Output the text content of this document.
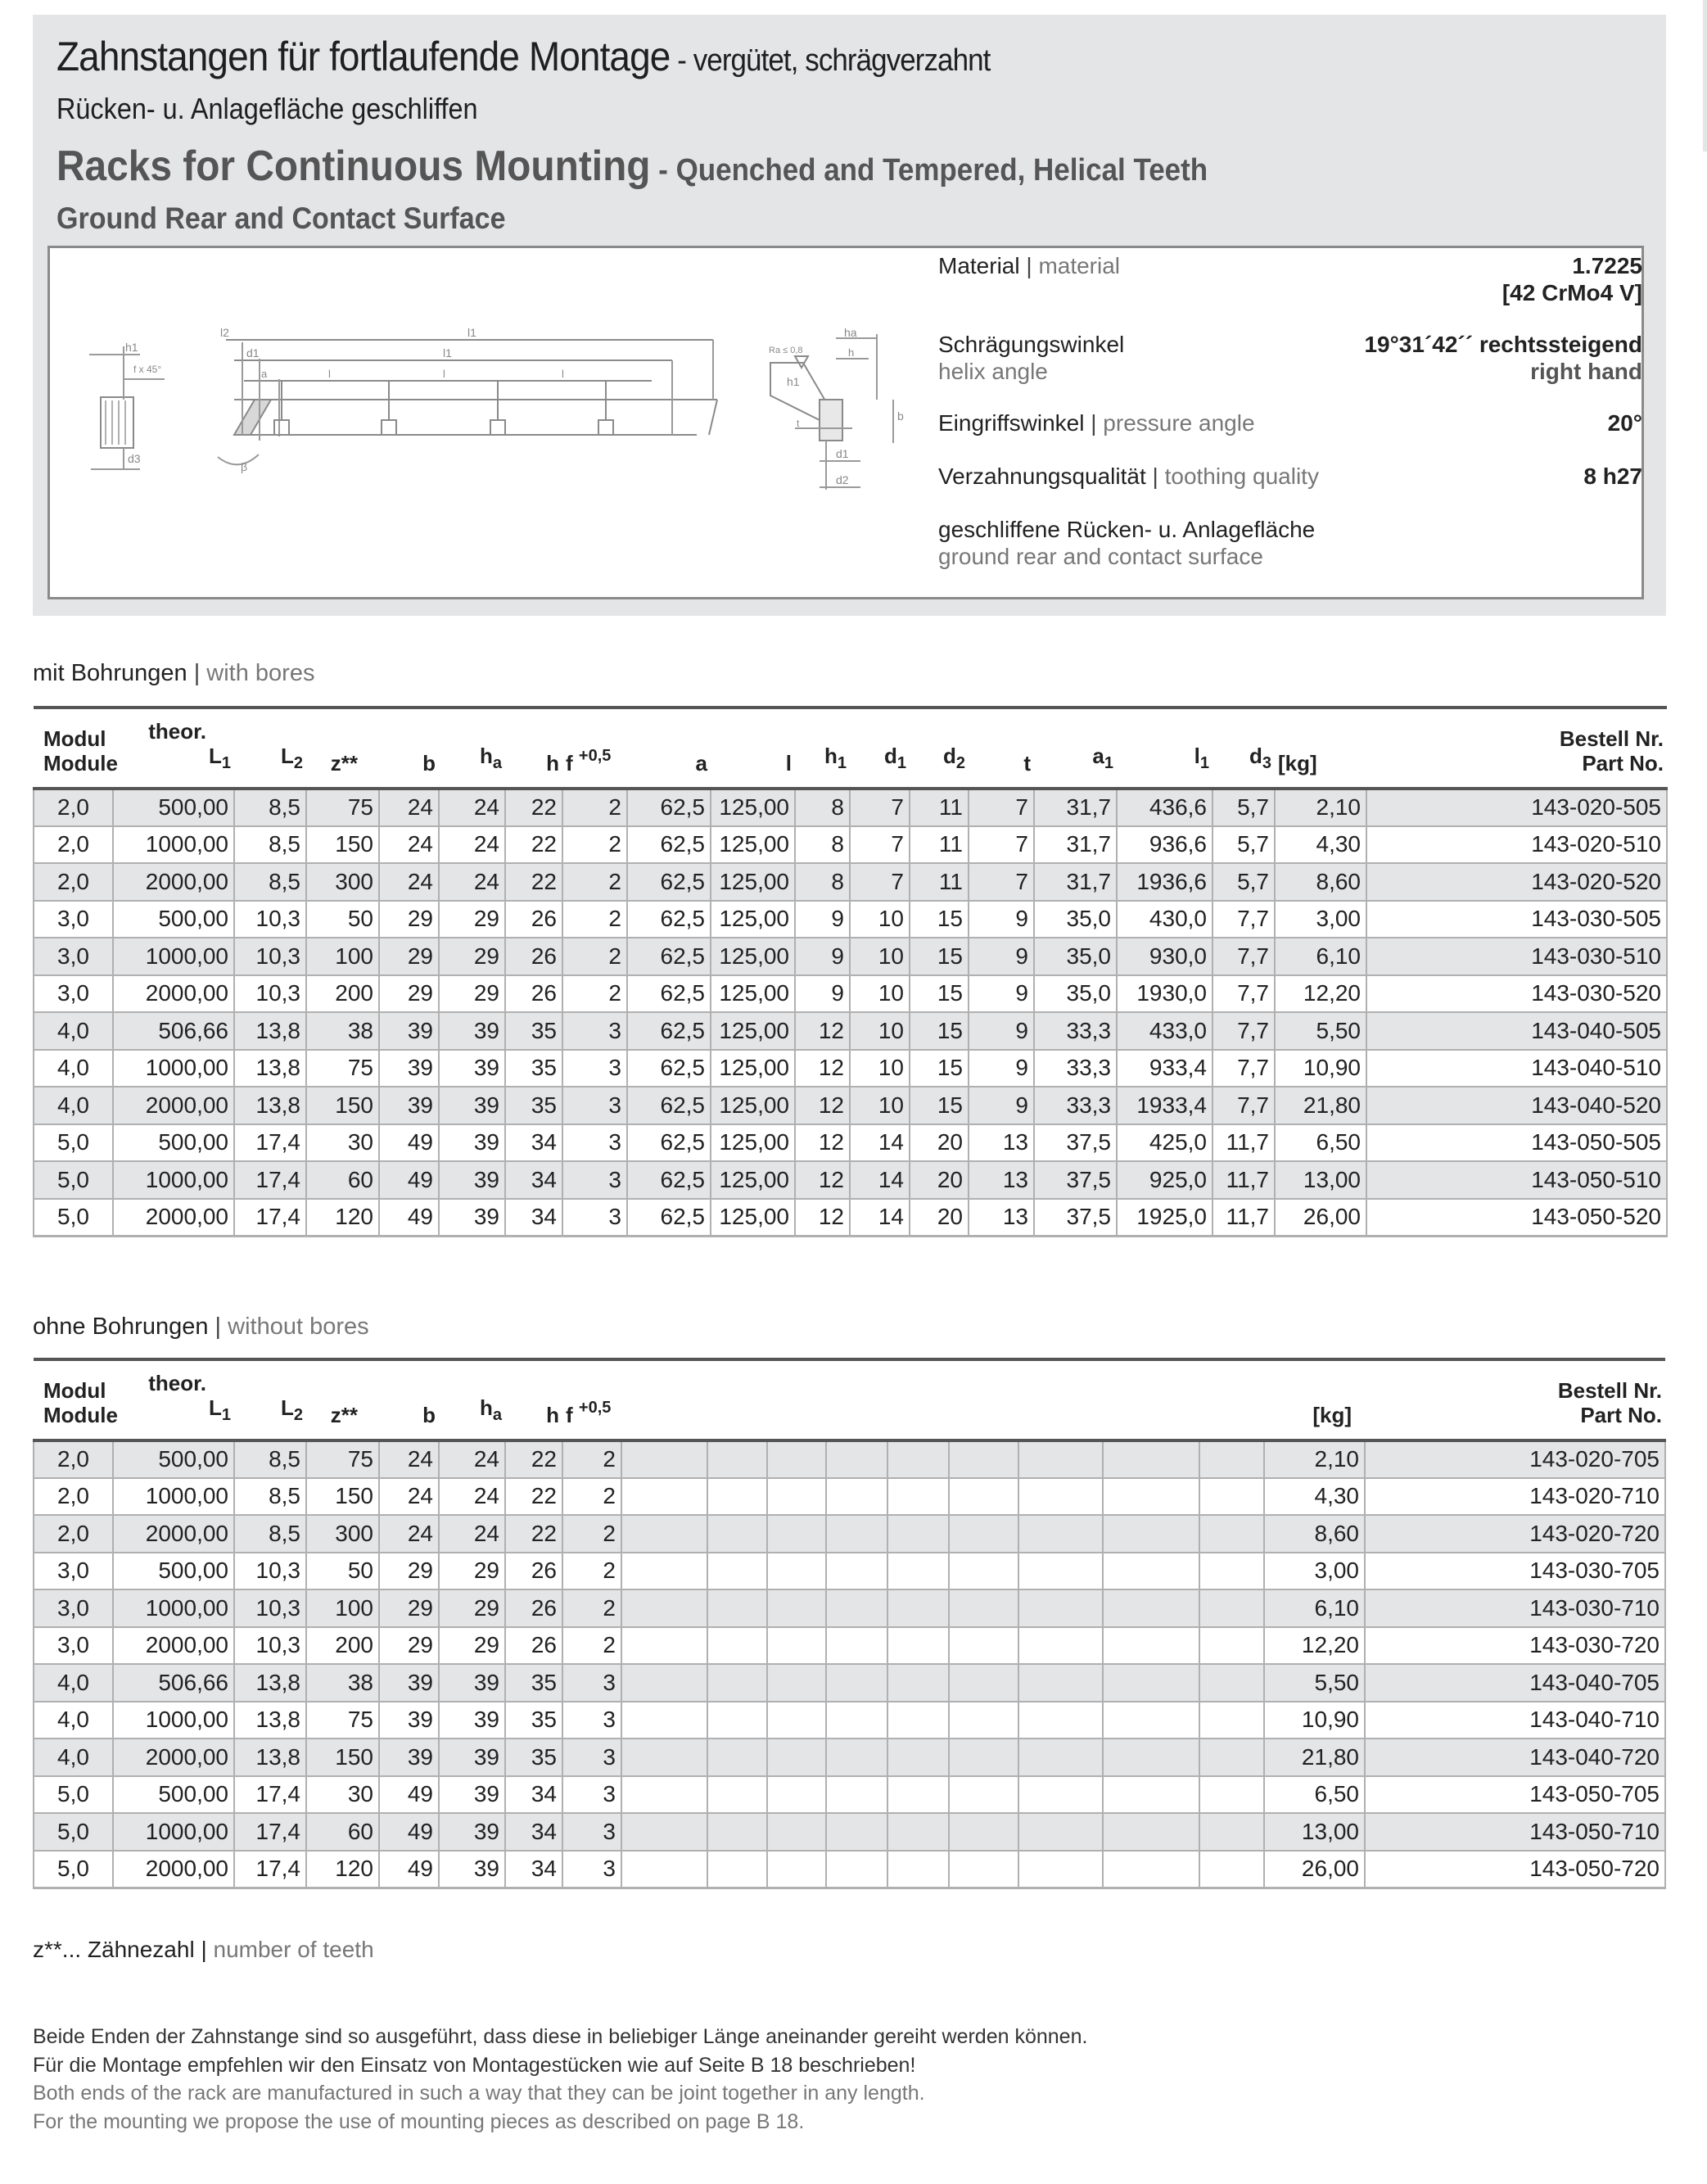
Zahnstangen für fortlaufende Montage - vergütet, schrägverzahnt
Rücken- u. Anlagefläche geschliffen
Racks for Continuous Mounting - Quenched and Tempered, Helical Teeth
Ground Rear and Contact Surface
h1
f x 45°
d3
l2	l1
d1	l1
a	l	l	l
β
Ra ≤ 0,8
ha
h
h1
b
t
d1
d2
Material | material	1.7225
[42 CrMo4 V]
Schrägungswinkel
helix angle
19°31´42´´ rechtssteigend
right hand
Eingriffswinkel | pressure angle	20°
Verzahnungsqualität | toothing quality	8 h27
geschliffene Rücken- u. Anlagefläche
ground rear and contact surface
mit Bohrungen | with bores
Modul
Module	theor.
$L_1$	$L_2$	z**	b	$h_a$	h	f $^{+0,5}$	a	l	$h_1$	$d_1$	$d_2$	t	$a_1$	$l_1$	$d_3$	[kg]	Bestell Nr.
Part No.
2,0	500,00	8,5	75	24	24	22	2	62,5	125,00	8	7	11	7	31,7	436,6	5,7	2,10	143-020-505
2,0	1000,00	8,5	150	24	24	22	2	62,5	125,00	8	7	11	7	31,7	936,6	5,7	4,30	143-020-510
2,0	2000,00	8,5	300	24	24	22	2	62,5	125,00	8	7	11	7	31,7	1936,6	5,7	8,60	143-020-520
3,0	500,00	10,3	50	29	29	26	2	62,5	125,00	9	10	15	9	35,0	430,0	7,7	3,00	143-030-505
3,0	1000,00	10,3	100	29	29	26	2	62,5	125,00	9	10	15	9	35,0	930,0	7,7	6,10	143-030-510
3,0	2000,00	10,3	200	29	29	26	2	62,5	125,00	9	10	15	9	35,0	1930,0	7,7	12,20	143-030-520
4,0	506,66	13,8	38	39	39	35	3	62,5	125,00	12	10	15	9	33,3	433,0	7,7	5,50	143-040-505
4,0	1000,00	13,8	75	39	39	35	3	62,5	125,00	12	10	15	9	33,3	933,4	7,7	10,90	143-040-510
4,0	2000,00	13,8	150	39	39	35	3	62,5	125,00	12	10	15	9	33,3	1933,4	7,7	21,80	143-040-520
5,0	500,00	17,4	30	49	39	34	3	62,5	125,00	12	14	20	13	37,5	425,0	11,7	6,50	143-050-505
5,0	1000,00	17,4	60	49	39	34	3	62,5	125,00	12	14	20	13	37,5	925,0	11,7	13,00	143-050-510
5,0	2000,00	17,4	120	49	39	34	3	62,5	125,00	12	14	20	13	37,5	1925,0	11,7	26,00	143-050-520
ohne Bohrungen | without bores
Modul
Module	theor.
$L_1$	$L_2$	z**	b	$h_a$	h	f $^{+0,5}$										[kg]	Bestell Nr.
Part No.
2,0	500,00	8,5	75	24	24	22	2										2,10	143-020-705
2,0	1000,00	8,5	150	24	24	22	2										4,30	143-020-710
2,0	2000,00	8,5	300	24	24	22	2										8,60	143-020-720
3,0	500,00	10,3	50	29	29	26	2										3,00	143-030-705
3,0	1000,00	10,3	100	29	29	26	2										6,10	143-030-710
3,0	2000,00	10,3	200	29	29	26	2										12,20	143-030-720
4,0	506,66	13,8	38	39	39	35	3										5,50	143-040-705
4,0	1000,00	13,8	75	39	39	35	3										10,90	143-040-710
4,0	2000,00	13,8	150	39	39	35	3										21,80	143-040-720
5,0	500,00	17,4	30	49	39	34	3										6,50	143-050-705
5,0	1000,00	17,4	60	49	39	34	3										13,00	143-050-710
5,0	2000,00	17,4	120	49	39	34	3										26,00	143-050-720
z**... Zähnezahl | number of teeth
Beide Enden der Zahnstange sind so ausgeführt, dass diese in beliebiger Länge aneinander gereiht werden können.
Für die Montage empfehlen wir den Einsatz von Montagestücken wie auf Seite B 18 beschrieben!
Both ends of the rack are manufactured in such a way that they can be joint together in any length.
For the mounting we propose the use of mounting pieces as described on page B 18.
